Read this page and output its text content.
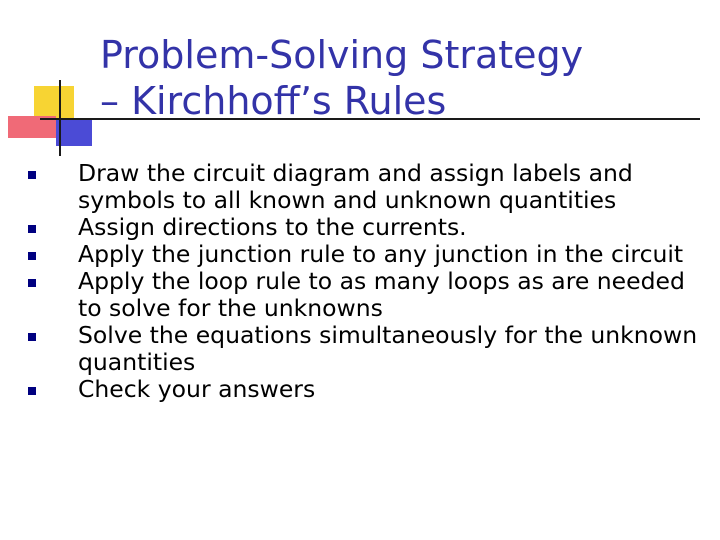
Problem-Solving Strategy
– Kirchhoff’s Rules
Draw the circuit diagram and assign labels and symbols to all known and unknown quantities
Assign directions to the currents.
Apply the junction rule to any junction in the circuit
Apply the loop rule to as many loops as are needed to solve for the unknowns
Solve the equations simultaneously for the unknown quantities
Check your answers
